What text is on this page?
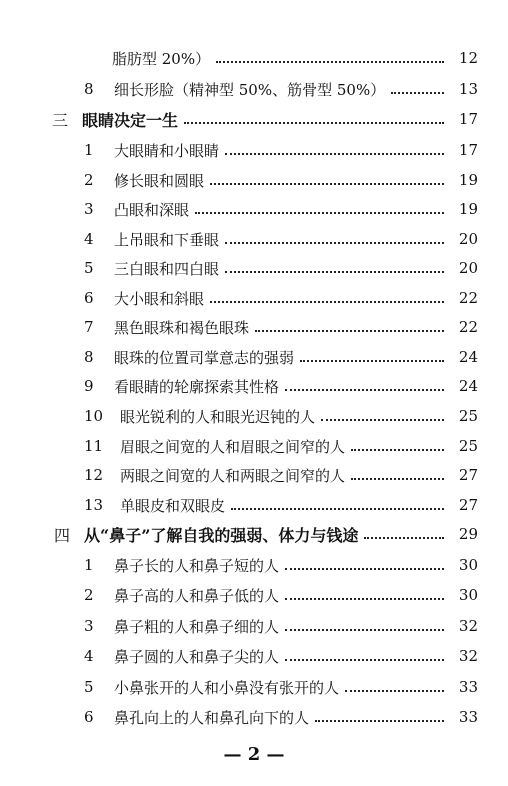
脂肪型 20%）	12
8	细长形脸（精神型 50%、筋骨型 50%）	13
三 眼睛决定一生	17
1	大眼睛和小眼睛	17
2	修长眼和圆眼	19
3	凸眼和深眼	19
4	上吊眼和下垂眼	20
5	三白眼和四白眼	20
6	大小眼和斜眼	22
7	黑色眼珠和褐色眼珠	22
8	眼珠的位置司掌意志的强弱	24
9	看眼睛的轮廓探索其性格	24
10	眼光锐利的人和眼光迟钝的人	25
11	眉眼之间宽的人和眉眼之间窄的人	25
12	两眼之间宽的人和两眼之间窄的人	27
13	单眼皮和双眼皮	27
四 从“鼻子”了解自我的强弱、体力与钱途	29
1	鼻子长的人和鼻子短的人	30
2	鼻子高的人和鼻子低的人	30
3	鼻子粗的人和鼻子细的人	32
4	鼻子圆的人和鼻子尖的人	32
5	小鼻张开的人和小鼻没有张开的人	33
6	鼻孔向上的人和鼻孔向下的人	33
— 2 —
